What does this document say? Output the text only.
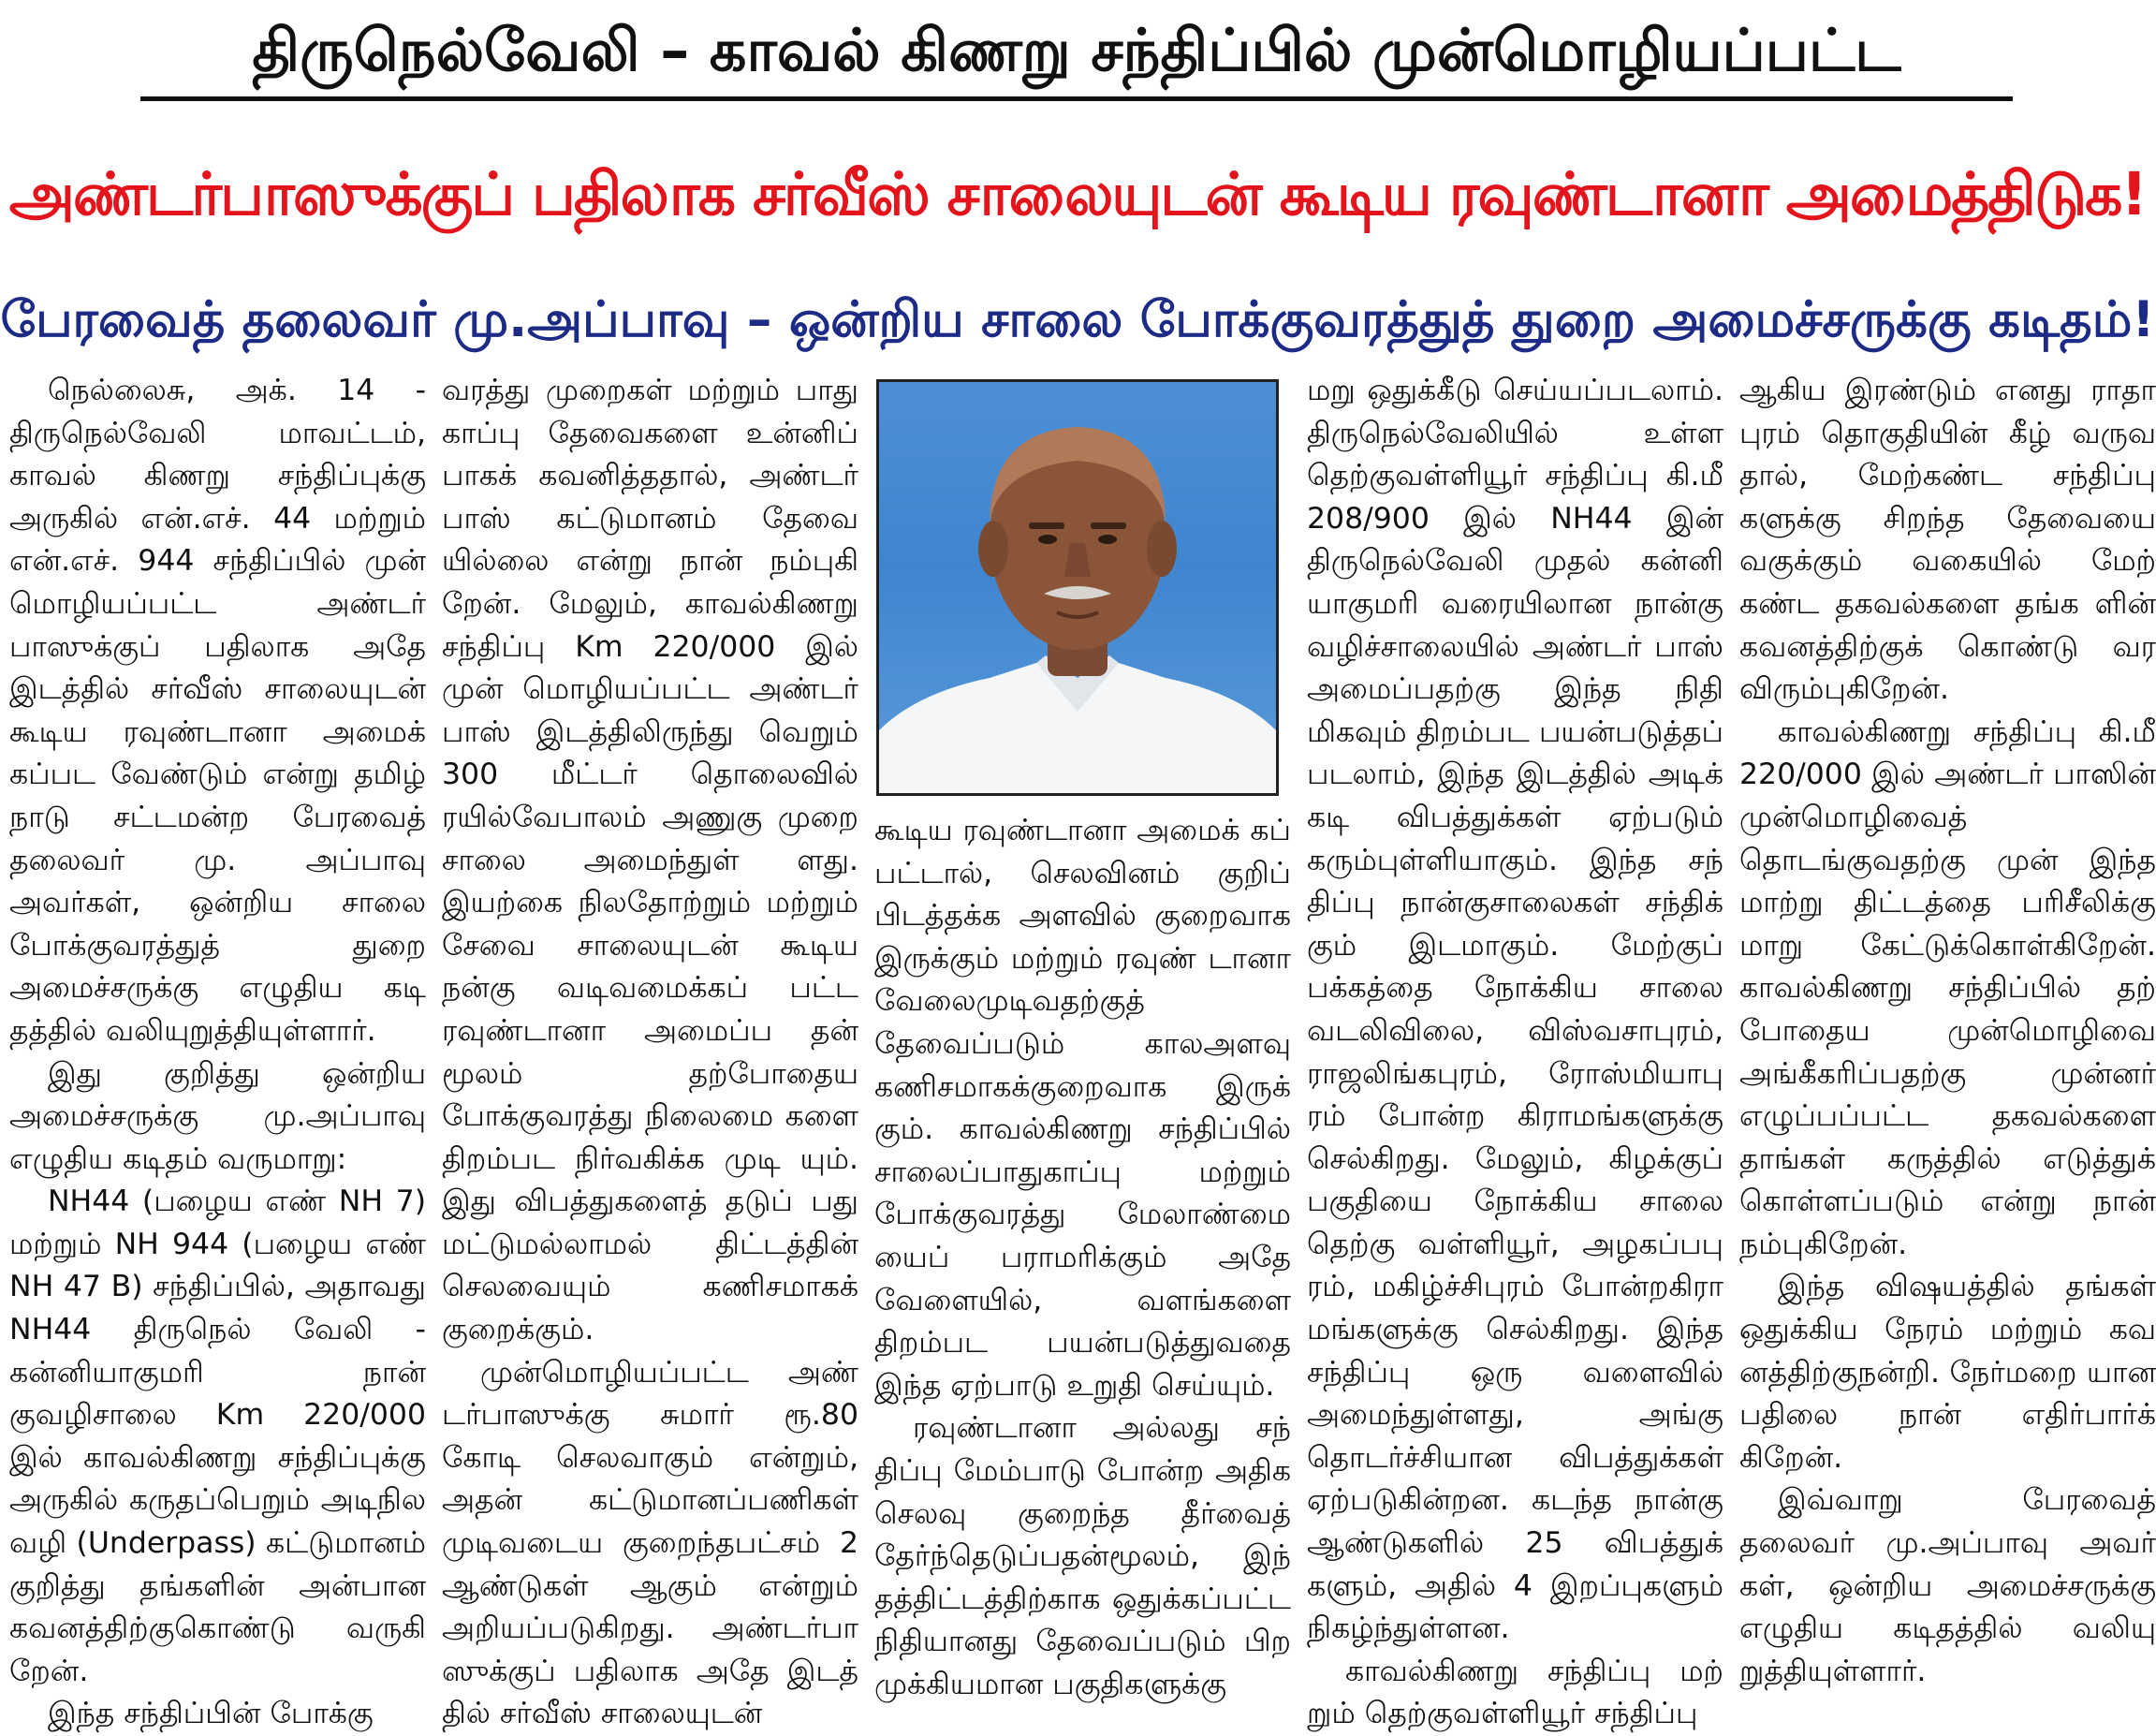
திருநெல்வேலி – காவல் கிணறு சந்திப்பில் முன்மொழியப்பட்ட
அண்டர்பாஸுக்குப் பதிலாக சர்வீஸ் சாலையுடன் கூடிய ரவுண்டானா அமைத்திடுக!
பேரவைத் தலைவர் மு.அப்பாவு – ஒன்றிய சாலை போக்குவரத்துத் துறை அமைச்சருக்கு கடிதம்!

நெல்லைசு, அக். 14 - திருநெல்வேலி மாவட்டம், காவல் கிணறு சந்திப்புக்கு அருகில் என்.எச். 44 மற்றும் என்.எச். 944 சந்திப்பில் முன் மொழியப்பட்ட அண்டர் பாஸுக்குப் பதிலாக அதே இடத்தில் சர்வீஸ் சாலையுடன் கூடிய ரவுண்டானா அமைக் கப்பட வேண்டும் என்று தமிழ் நாடு சட்டமன்ற பேரவைத் தலைவர் மு. அப்பாவு அவர்கள், ஒன்றிய சாலை போக்குவரத்துத் துறை அமைச்சருக்கு எழுதிய கடி தத்தில் வலியுறுத்தியுள்ளார்.

இது குறித்து ஒன்றிய அமைச்சருக்கு மு.அப்பாவு எழுதிய கடிதம் வருமாறு:

NH44 (பழைய எண் NH 7) மற்றும் NH 944 (பழைய எண் NH 47 B) சந்திப்பில், அதாவது NH44 திருநெல் வேலி - கன்னியாகுமரி நான் குவழிசாலை Km 220/000 இல் காவல்கிணறு சந்திப்புக்கு அருகில் கருதப்பெறும் அடிநில வழி (Underpass) கட்டுமானம் குறித்து தங்களின் அன்பான கவனத்திற்குகொண்டு வருகி றேன்.

இந்த சந்திப்பின் போக்கு

வரத்து முறைகள் மற்றும் பாது காப்பு தேவைகளை உன்னிப் பாகக் கவனித்ததால், அண்டர் பாஸ் கட்டுமானம் தேவை யில்லை என்று நான் நம்புகி றேன். மேலும், காவல்கிணறு சந்திப்பு Km 220/000 இல் முன் மொழியப்பட்ட அண்டர் பாஸ் இடத்திலிருந்து வெறும் 300 மீட்டர் தொலைவில் ரயில்வேபாலம் அணுகு முறை சாலை அமைந்துள் ளது. இயற்கை நிலதோற்றும் மற்றும் சேவை சாலையுடன் கூடிய நன்கு வடிவமைக்கப் பட்ட ரவுண்டானா அமைப்ப தன் மூலம் தற்போதைய போக்குவரத்து நிலைமை களை திறம்பட நிர்வகிக்க முடி யும். இது விபத்துகளைத் தடுப் பது மட்டுமல்லாமல் திட்டத்தின் செலவையும் கணிசமாகக் குறைக்கும்.

முன்மொழியப்பட்ட அண் டர்பாஸுக்கு சுமார் ரூ.80 கோடி செலவாகும் என்றும், அதன் கட்டுமானப்பணிகள் முடிவடைய குறைந்தபட்சம் 2 ஆண்டுகள் ஆகும் என்றும் அறியப்படுகிறது. அண்டர்பா ஸுக்குப் பதிலாக அதே இடத் தில் சர்வீஸ் சாலையுடன்

கூடிய ரவுண்டானா அமைக் கப் பட்டால், செலவினம் குறிப் பிடத்தக்க அளவில் குறைவாக இருக்கும் மற்றும் ரவுண் டானா வேலைமுடிவதற்குத் தேவைப்படும் காலஅளவு கணிசமாகக்குறைவாக இருக் கும். காவல்கிணறு சந்திப்பில் சாலைப்பாதுகாப்பு மற்றும் போக்குவரத்து மேலாண்மை யைப் பராமரிக்கும் அதே வேளையில், வளங்களை திறம்பட பயன்படுத்துவதை இந்த ஏற்பாடு உறுதி செய்யும்.

ரவுண்டானா அல்லது சந் திப்பு மேம்பாடு போன்ற அதிக செலவு குறைந்த தீர்வைத் தேர்ந்தெடுப்பதன்மூலம், இந் தத்திட்டத்திற்காக ஒதுக்கப்பட்ட நிதியானது தேவைப்படும் பிற முக்கியமான பகுதிகளுக்கு

மறு ஒதுக்கீடு செய்யப்படலாம். திருநெல்வேலியில் உள்ள தெற்குவள்ளியூர் சந்திப்பு கி.மீ 208/900 இல் NH44 இன் திருநெல்வேலி முதல் கன்னி யாகுமரி வரையிலான நான்கு வழிச்சாலையில் அண்டர் பாஸ் அமைப்பதற்கு இந்த நிதி மிகவும் திறம்பட பயன்படுத்தப் படலாம், இந்த இடத்தில் அடிக் கடி விபத்துக்கள் ஏற்படும் கரும்புள்ளியாகும். இந்த சந் திப்பு நான்குசாலைகள் சந்திக் கும் இடமாகும். மேற்குப் பக்கத்தை நோக்கிய சாலை வடலிவிலை, விஸ்வசாபுரம், ராஜலிங்கபுரம், ரோஸ்மியாபு ரம் போன்ற கிராமங்களுக்கு செல்கிறது. மேலும், கிழக்குப் பகுதியை நோக்கிய சாலை தெற்கு வள்ளியூர், அழகப்பபு ரம், மகிழ்ச்சிபுரம் போன்றகிரா மங்களுக்கு செல்கிறது. இந்த சந்திப்பு ஒரு வளைவில் அமைந்துள்ளது, அங்கு தொடர்ச்சியான விபத்துக்கள் ஏற்படுகின்றன. கடந்த நான்கு ஆண்டுகளில் 25 விபத்துக் களும், அதில் 4 இறப்புகளும் நிகழ்ந்துள்ளன.

காவல்கிணறு சந்திப்பு மற் றும் தெற்குவள்ளியூர் சந்திப்பு

ஆகிய இரண்டும் எனது ராதா புரம் தொகுதியின் கீழ் வருவ தால், மேற்கண்ட சந்திப்பு களுக்கு சிறந்த தேவையை வகுக்கும் வகையில் மேற் கண்ட தகவல்களை தங்க ளின் கவனத்திற்குக் கொண்டு வர விரும்புகிறேன்.

காவல்கிணறு சந்திப்பு கி.மீ 220/000 இல் அண்டர் பாஸின் முன்மொழிவைத் தொடங்குவதற்கு முன் இந்த மாற்று திட்டத்தை பரிசீலிக்கு மாறு கேட்டுக்கொள்கிறேன். காவல்கிணறு சந்திப்பில் தற் போதைய முன்மொழிவை அங்கீகரிப்பதற்கு முன்னர் எழுப்பப்பட்ட தகவல்களை தாங்கள் கருத்தில் எடுத்துக் கொள்ளப்படும் என்று நான் நம்புகிறேன்.

இந்த விஷயத்தில் தங்கள் ஒதுக்கிய நேரம் மற்றும் கவ னத்திற்குநன்றி. நேர்மறை யான பதிலை நான் எதிர்பார்க் கிறேன்.

இவ்வாறு பேரவைத் தலைவர் மு.அப்பாவு அவர் கள், ஒன்றிய அமைச்சருக்கு எழுதிய கடிதத்தில் வலியு றுத்தியுள்ளார்.
